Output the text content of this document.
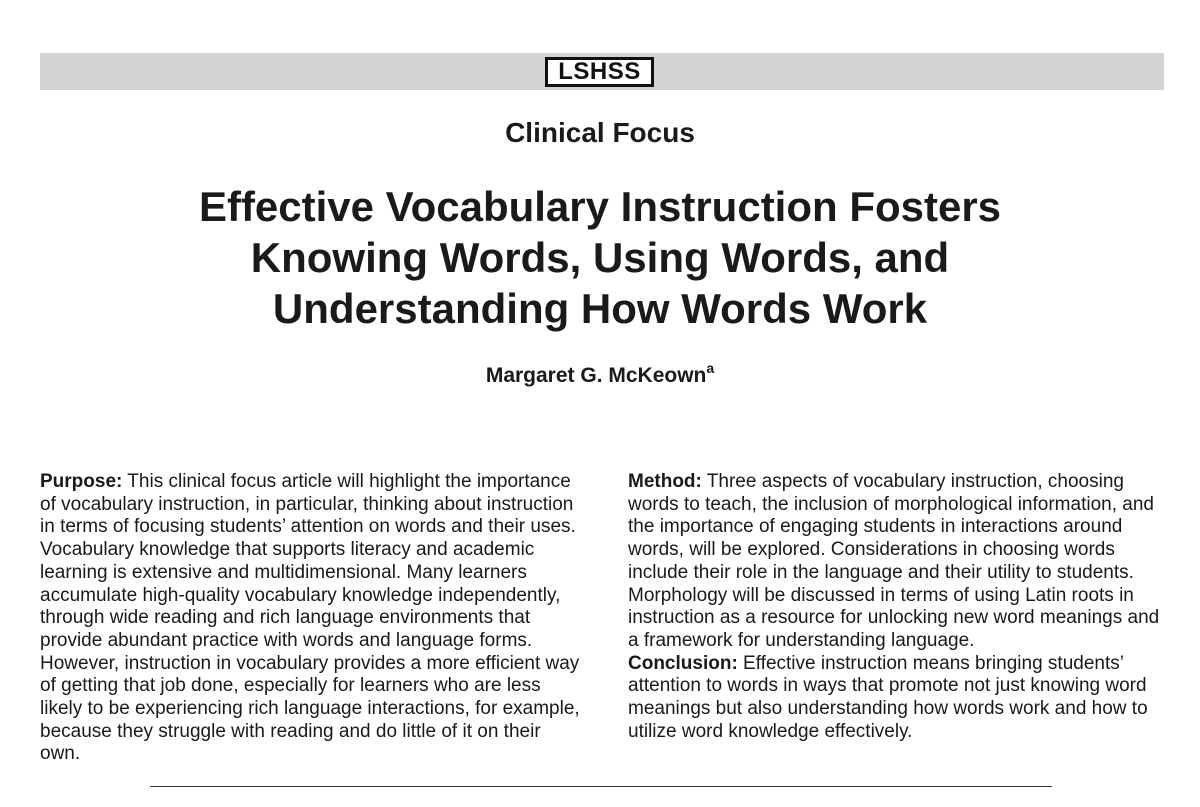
LSHSS
Clinical Focus
Effective Vocabulary Instruction Fosters
Knowing Words, Using Words, and
Understanding How Words Work
Margaret G. McKeown$^a$

Purpose: This clinical focus article will highlight the importance of vocabulary instruction, in particular, thinking about instruction in terms of focusing students’ attention on words and their uses. Vocabulary knowledge that supports literacy and academic learning is extensive and multidimensional. Many learners accumulate high-quality vocabulary knowledge independently, through wide reading and rich language environments that provide abundant practice with words and language forms. However, instruction in vocabulary provides a more efficient way of getting that job done, especially for learners who are less likely to be experiencing rich language interactions, for example, because they struggle with reading and do little of it on their own.

Method: Three aspects of vocabulary instruction, choosing words to teach, the inclusion of morphological information, and the importance of engaging students in interactions around words, will be explored. Considerations in choosing words include their role in the language and their utility to students. Morphology will be discussed in terms of using Latin roots in instruction as a resource for unlocking new word meanings and a framework for understanding language.

Conclusion: Effective instruction means bringing students’ attention to words in ways that promote not just knowing word meanings but also understanding how words work and how to utilize word knowledge effectively.
